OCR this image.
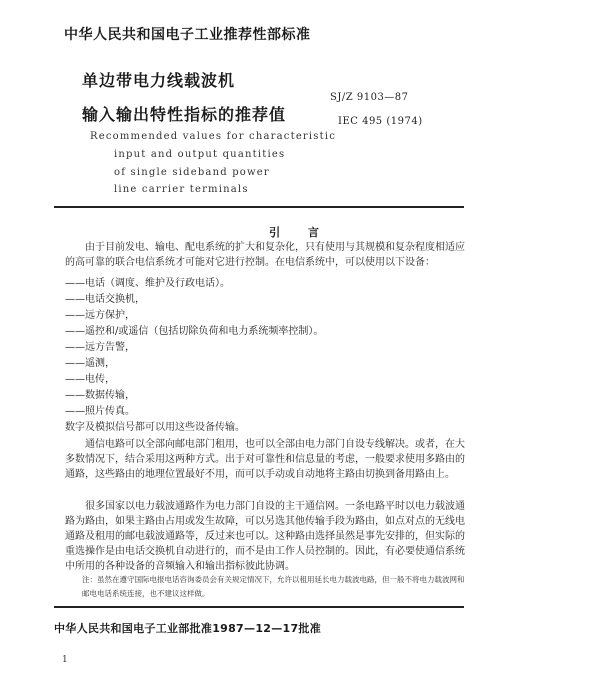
中华人民共和国电子工业推荐性部标准
单边带电力线载波机
输入输出特性指标的推荐值
SJ/Z 9103—87
IEC 495 (1974)
Recommended values for characteristic
input and output quantities
of single sideband power
line carrier terminals
引 言
由于目前发电、输电、配电系统的扩大和复杂化，只有使用与其规模和复杂程度相适应的高可靠的联合电信系统才可能对它进行控制。在电信系统中，可以使用以下设备：
——电话（调度、维护及行政电话）。
——电话交换机，
——远方保护，
——遥控和/或遥信（包括切除负荷和电力系统频率控制）。
——远方告警，
——遥测，
——电传，
——数据传输，
——照片传真。
数字及模拟信号都可以用这些设备传输。
通信电路可以全部向邮电部门租用，也可以全部由电力部门自设专线解决。或者，在大多数情况下，结合采用这两种方式。出于对可靠性和信息量的考虑，一般要求使用多路由的通路，这些路由的地理位置最好不用，而可以手动或自动地将主路由切换到备用路由上。
很多国家以电力载波通路作为电力部门自设的主干通信网。一条电路平时以电力载波通路为路由，如果主路由占用或发生故障，可以另选其他传输手段为路由，如点对点的无线电通路及租用的邮电载波通路等，反过来也可以。这种路由选择虽然是事先安排的，但实际的重选操作是由电话交换机自动进行的，而不是由工作人员控制的。因此，有必要使通信系统中所用的各种设备的音频输入和输出指标彼此协调。
注：虽然在遵守国际电报电话咨询委员会有关规定情况下，允许以租用延长电力载波电路，但一般不将电力载波网和邮电电话系统连接，也不建议这样做。
中华人民共和国电子工业部批准1987—12—17批准
1
